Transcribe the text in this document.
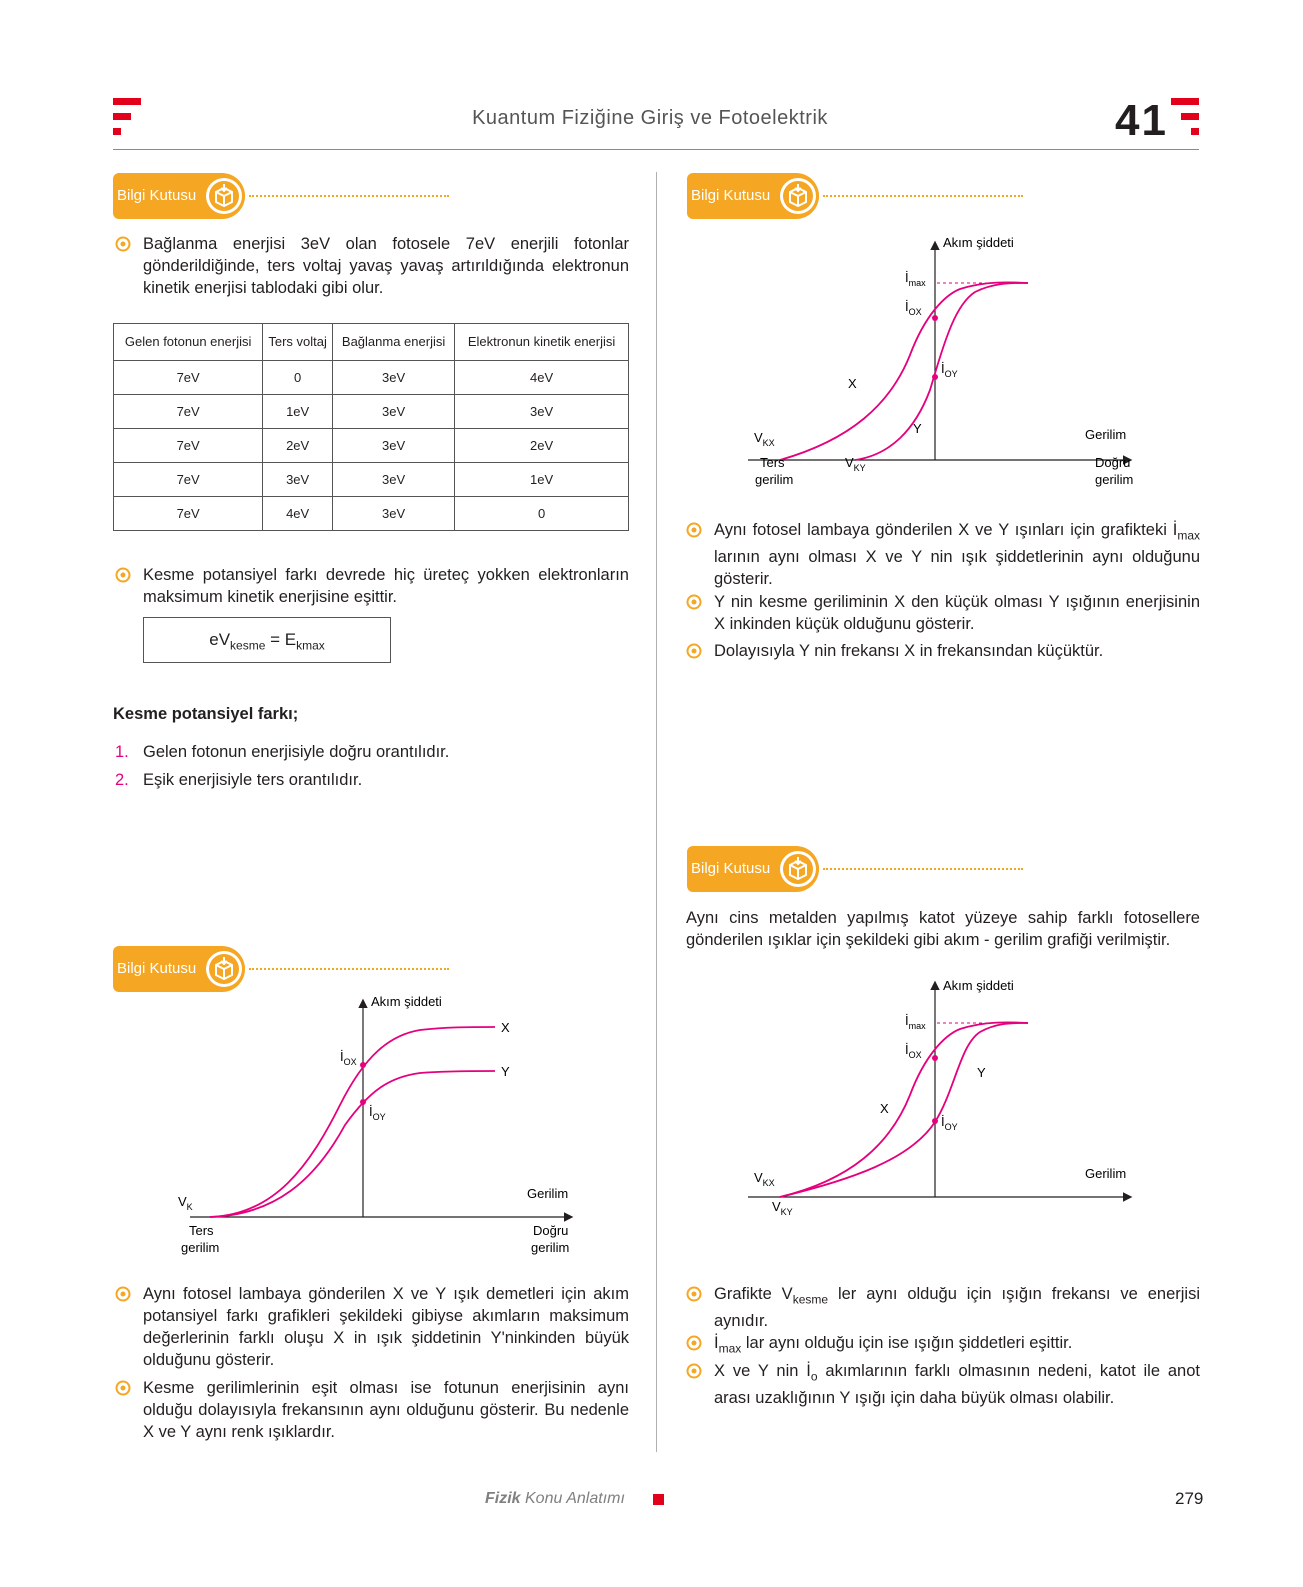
Kuantum Fiziğine Giriş ve Fotoelektrik	41
Bilgi Kutusu
Bağlanma enerjisi 3eV olan fotosele 7eV enerjili fotonlar gönderildiğinde, ters voltaj yavaş yavaş artırıldığında elektronun kinetik enerjisi tablodaki gibi olur.
Gelen fotonun enerjisi	Ters voltaj	Bağlanma enerjisi	Elektronun kinetik enerjisi
7eV	0	3eV	4eV
7eV	1eV	3eV	3eV
7eV	2eV	3eV	2eV
7eV	3eV	3eV	1eV
7eV	4eV	3eV	0
Kesme potansiyel farkı devrede hiç üreteç yokken elektronların maksimum kinetik enerjisine eşittir.
$eV_{kesme} = E_{kmax}$
Kesme potansiyel farkı;
1. Gelen fotonun enerjisiyle doğru orantılıdır.
2. Eşik enerjisiyle ters orantılıdır.
Bilgi Kutusu
Bilgi Kutusu
Bilgi Kutusu
Akım şiddeti
Gerilim
$İ_{max}$
$İ_{OX}$
$İ_{OY}$
X
Y
$V_{KX}$
$V_{KY}$
Ters
gerilim
Doğru
gerilim
Aynı fotosel lambaya gönderilen X ve Y ışınları için grafikteki $İ_{max}$ larının aynı olması X ve Y nin ışık şiddetlerinin aynı olduğunu gösterir.
Y nin kesme geriliminin X den küçük olması Y ışığının enerjisinin X inkinden küçük olduğunu gösterir.
Dolayısıyla Y nin frekansı X in frekansından küçüktür.
Aynı cins metalden yapılmış katot yüzeye sahip farklı fotosellere gönderilen ışıklar için şekildeki gibi akım - gerilim grafiği verilmiştir.
Akım şiddeti
Gerilim
$İ_{max}$
$İ_{OX}$
$İ_{OY}$
X
Y
$V_{KX}$
$V_{KY}$
Akım şiddeti
Gerilim
X
Y
$İ_{OX}$
$İ_{OY}$
$V_K$
Ters
gerilim
Doğru
gerilim
Aynı fotosel lambaya gönderilen X ve Y ışık demetleri için akım potansiyel farkı grafikleri şekildeki gibiyse akımların maksimum değerlerinin farklı oluşu X in ışık şiddetinin Y'ninkinden büyük olduğunu gösterir.
Kesme gerilimlerinin eşit olması ise fotunun enerjisinin aynı olduğu dolayısıyla frekansının aynı olduğunu gösterir. Bu nedenle X ve Y aynı renk ışıklardır.
Grafikte $V_{kesme}$ ler aynı olduğu için ışığın frekansı ve enerjisi aynıdır.
$İ_{max}$ lar aynı olduğu için ise ışığın şiddetleri eşittir.
X ve Y nin $İ_o$ akımlarının farklı olmasının nedeni, katot ile anot arası uzaklığının Y ışığı için daha büyük olması olabilir.
Fizik Konu Anlatımı	279
